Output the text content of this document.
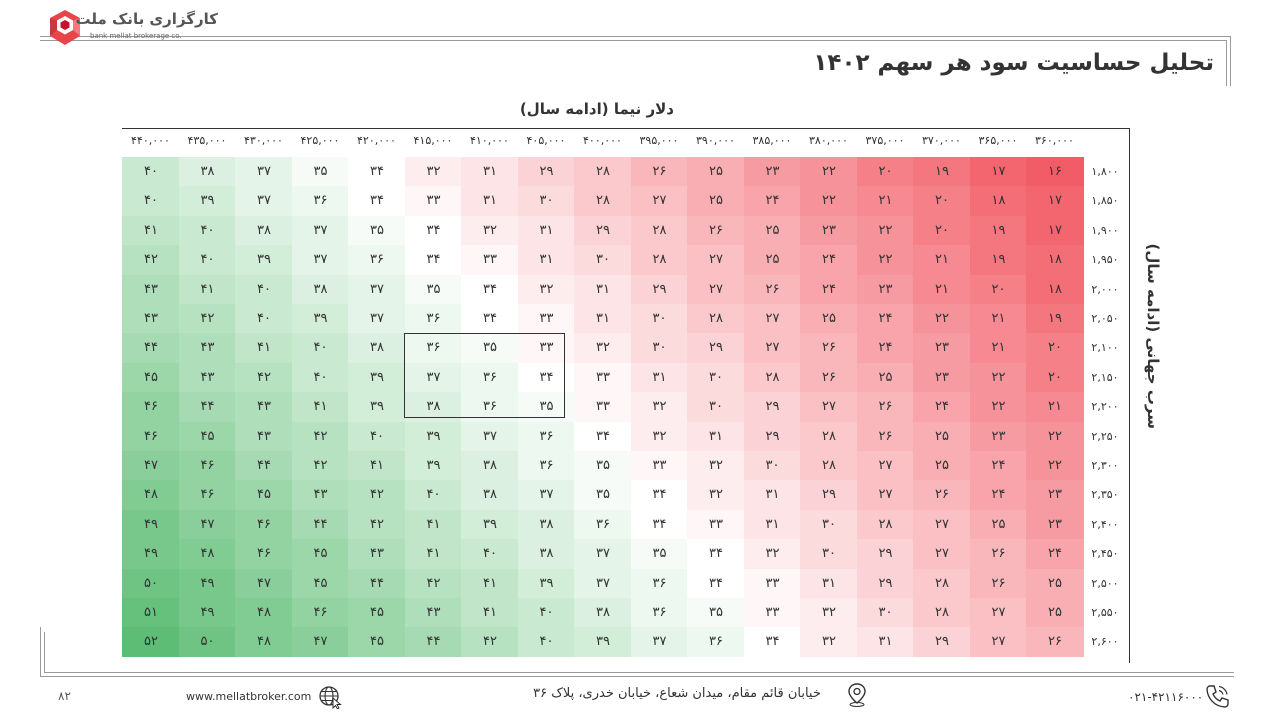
کارگزاری بانک ملت
bank mellat brokerage co.
تحلیل حساسیت سود هر سهم ۱۴۰۲
دلار نیما (ادامه سال)
سرب جهانی (ادامه سال)
۴۴۰,۰۰۰	۴۳۵,۰۰۰	۴۳۰,۰۰۰	۴۲۵,۰۰۰	۴۲۰,۰۰۰	۴۱۵,۰۰۰	۴۱۰,۰۰۰	۴۰۵,۰۰۰	۴۰۰,۰۰۰	۳۹۵,۰۰۰	۳۹۰,۰۰۰	۳۸۵,۰۰۰	۳۸۰,۰۰۰	۳۷۵,۰۰۰	۳۷۰,۰۰۰	۳۶۵,۰۰۰	۳۶۰,۰۰۰
۱,۸۰۰
۴۰	۳۸	۳۷	۳۵	۳۴	۳۲	۳۱	۲۹	۲۸	۲۶	۲۵	۲۳	۲۲	۲۰	۱۹	۱۷	۱۶
۱,۸۵۰
۴۰	۳۹	۳۷	۳۶	۳۴	۳۳	۳۱	۳۰	۲۸	۲۷	۲۵	۲۴	۲۲	۲۱	۲۰	۱۸	۱۷
۱,۹۰۰
۴۱	۴۰	۳۸	۳۷	۳۵	۳۴	۳۲	۳۱	۲۹	۲۸	۲۶	۲۵	۲۳	۲۲	۲۰	۱۹	۱۷
۱,۹۵۰
۴۲	۴۰	۳۹	۳۷	۳۶	۳۴	۳۳	۳۱	۳۰	۲۸	۲۷	۲۵	۲۴	۲۲	۲۱	۱۹	۱۸
۲,۰۰۰
۴۳	۴۱	۴۰	۳۸	۳۷	۳۵	۳۴	۳۲	۳۱	۲۹	۲۷	۲۶	۲۴	۲۳	۲۱	۲۰	۱۸
۲,۰۵۰
۴۳	۴۲	۴۰	۳۹	۳۷	۳۶	۳۴	۳۳	۳۱	۳۰	۲۸	۲۷	۲۵	۲۴	۲۲	۲۱	۱۹
۲,۱۰۰
۴۴	۴۳	۴۱	۴۰	۳۸	۳۶	۳۵	۳۳	۳۲	۳۰	۲۹	۲۷	۲۶	۲۴	۲۳	۲۱	۲۰
۲,۱۵۰
۴۵	۴۳	۴۲	۴۰	۳۹	۳۷	۳۶	۳۴	۳۳	۳۱	۳۰	۲۸	۲۶	۲۵	۲۳	۲۲	۲۰
۲,۲۰۰
۴۶	۴۴	۴۳	۴۱	۳۹	۳۸	۳۶	۳۵	۳۳	۳۲	۳۰	۲۹	۲۷	۲۶	۲۴	۲۲	۲۱
۲,۲۵۰
۴۶	۴۵	۴۳	۴۲	۴۰	۳۹	۳۷	۳۶	۳۴	۳۲	۳۱	۲۹	۲۸	۲۶	۲۵	۲۳	۲۲
۲,۳۰۰
۴۷	۴۶	۴۴	۴۲	۴۱	۳۹	۳۸	۳۶	۳۵	۳۳	۳۲	۳۰	۲۸	۲۷	۲۵	۲۴	۲۲
۲,۳۵۰
۴۸	۴۶	۴۵	۴۳	۴۲	۴۰	۳۸	۳۷	۳۵	۳۴	۳۲	۳۱	۲۹	۲۷	۲۶	۲۴	۲۳
۲,۴۰۰
۴۹	۴۷	۴۶	۴۴	۴۲	۴۱	۳۹	۳۸	۳۶	۳۴	۳۳	۳۱	۳۰	۲۸	۲۷	۲۵	۲۳
۲,۴۵۰
۴۹	۴۸	۴۶	۴۵	۴۳	۴۱	۴۰	۳۸	۳۷	۳۵	۳۴	۳۲	۳۰	۲۹	۲۷	۲۶	۲۴
۲,۵۰۰
۵۰	۴۹	۴۷	۴۵	۴۴	۴۲	۴۱	۳۹	۳۷	۳۶	۳۴	۳۳	۳۱	۲۹	۲۸	۲۶	۲۵
۲,۵۵۰
۵۱	۴۹	۴۸	۴۶	۴۵	۴۳	۴۱	۴۰	۳۸	۳۶	۳۵	۳۳	۳۲	۳۰	۲۸	۲۷	۲۵
۲,۶۰۰
۵۲	۵۰	۴۸	۴۷	۴۵	۴۴	۴۲	۴۰	۳۹	۳۷	۳۶	۳۴	۳۲	۳۱	۲۹	۲۷	۲۶
۸۲	www.mellatbroker.com	خیابان قائم مقام، میدان شعاع، خیابان خدری، پلاک ۳۶	۰۲۱-۴۲۱۱۶۰۰۰
